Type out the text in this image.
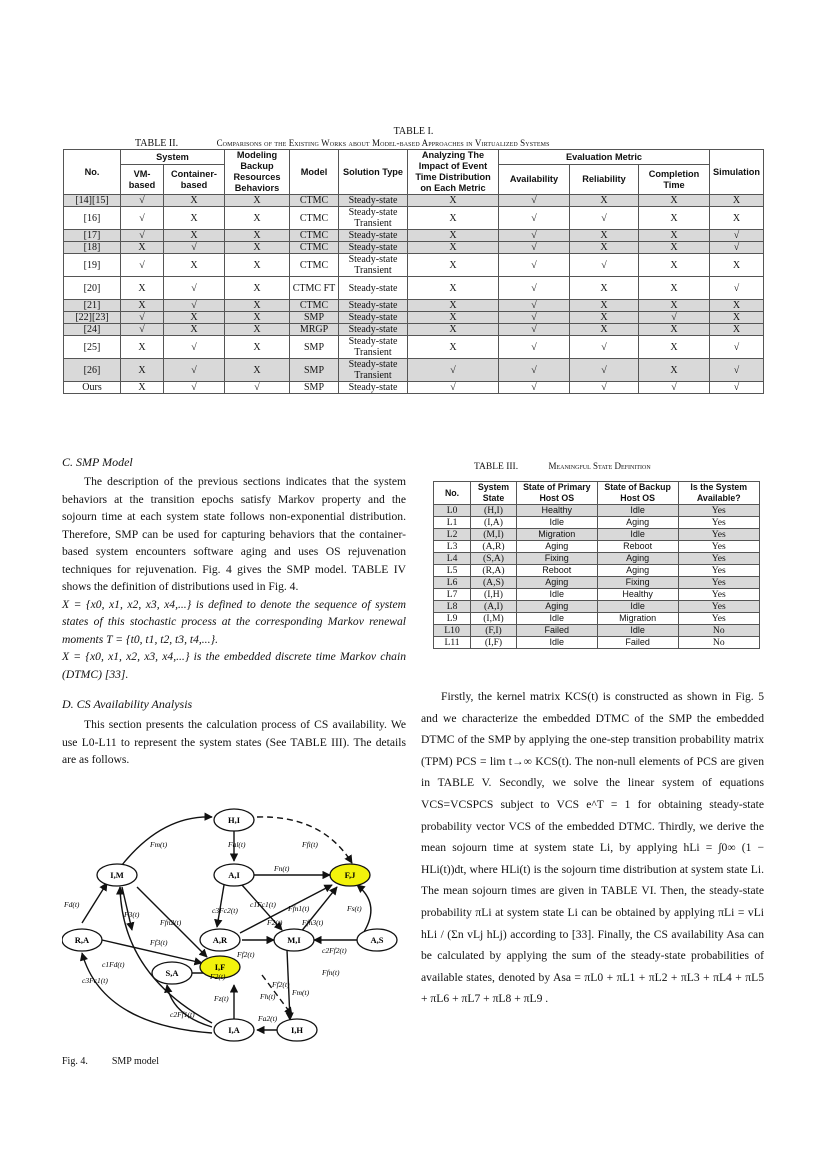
TABLE I.
TABLE II.	Comparisons of the Existing Works about Model-based Approaches in Virtualized Systems
No.	System		Modeling Backup Resources Behaviors	Model	Solution Type	Analyzing The Impact of Event Time Distribution on Each Metric	Evaluation Metric			Simulation
	VM-based	Container-based					Availability	Reliability	Completion Time	
[14][15]	√	X	X	CTMC	Steady-state	X	√	X	X	X
[16]	√	X	X	CTMC	Steady-state Transient	X	√	√	X	X
[17]	√	X	X	CTMC	Steady-state	X	√	X	X	√
[18]	X	√	X	CTMC	Steady-state	X	√	X	X	√
[19]	√	X	X	CTMC	Steady-state Transient	X	√	√	X	X
[20]	X	√	X	CTMC FT	Steady-state	X	√	X	X	√
[21]	X	√	X	CTMC	Steady-state	X	√	X	X	X
[22][23]	√	X	X	SMP	Steady-state	X	√	X	√	X
[24]	√	X	X	MRGP	Steady-state	X	√	X	X	X
[25]	X	√	X	SMP	Steady-state Transient	X	√	√	X	√
[26]	X	√	X	SMP	Steady-state Transient	√	√	√	X	√
Ours	X	√	√	SMP	Steady-state	√	√	√	√	√
C. SMP Model

The description of the previous sections indicates that the system behaviors at the transition epochs satisfy Markov property and the sojourn time at each system state follows non-exponential distribution. Therefore, SMP can be used for capturing behaviors that the container-based system encounters software aging and uses OS rejuvenation techniques for rejuvenation. Fig. 4 gives the SMP model. TABLE IV shows the definition of distributions used in Fig. 4.

X = {x0, x1, x2, x3, x4,...} is defined to denote the sequence of system states of this stochastic process at the corresponding Markov renewal moments T = {t0, t1, t2, t3, t4,...}.

X = {x0, x1, x2, x3, x4,...} is the embedded discrete time Markov chain (DTMC) [33].

D. CS Availability Analysis

This section presents the calculation process of CS availability. We use L0-L11 to represent the system states (See TABLE III). The details are as follows.

TABLE III.	Meaningful State Definition
No.	System State	State of Primary Host OS	State of Backup Host OS	Is the System Available?
L0	(H,I)	Healthy	Idle	Yes
L1	(I,A)	Idle	Aging	Yes
L2	(M,I)	Migration	Idle	Yes
L3	(A,R)	Aging	Reboot	Yes
L4	(S,A)	Fixing	Aging	Yes
L5	(R,A)	Reboot	Aging	Yes
L6	(A,S)	Aging	Fixing	Yes
L7	(I,H)	Idle	Healthy	Yes
L8	(A,I)	Aging	Idle	Yes
L9	(I,M)	Idle	Migration	Yes
L10	(F,I)	Failed	Idle	No
L11	(I,F)	Idle	Failed	No

Firstly, the kernel matrix KCS(t) is constructed as shown in Fig. 5 and we characterize the embedded DTMC of the SMP the embedded DTMC of the SMP by applying the one-step transition probability matrix (TPM) PCS = lim t→∞ KCS(t). The non-null elements of PCS are given in TABLE V. Secondly, we solve the linear system of equations VCS=VCSPCS subject to VCS e^T = 1 for obtaining steady-state probability vector VCS of the embedded DTMC. Thirdly, we derive the mean sojourn time at system state Li, by applying hLi = ∫0∞ (1 − HLi(t))dt, where HLi(t) is the sojourn time distribution at system state Li. The mean sojourn times are given in TABLE VI. Then, the steady-state probability πLi at system state Li can be obtained by applying πLi = vLi hLi / (Σn vLj hLj) according to [33]. Finally, the CS availability Asa can be calculated by applying the sum of the steady-state probabilities of available states, denoted by Asa = πL0 + πL1 + πL2 + πL3 + πL4 + πL5 + πL6 + πL7 + πL8 + πL9 .

H,I
I,M	A,I	F,J
R,A	A,R	M,I	A,S
S,A
I,F
I,A	I,H
Fm(t)	Fal(t)	Ffi(t)
Fn(t)
Fd(t)
F3(t)
Ffn2(t)
c3Fc2(t)
c1Fc1(t) Ffn1(t)
Ffn3(t)
Fs(t)
Ff3(t)
Ff2(t)	c2Ff2(t)
F2(t)
F2(t)
c1Fd(t)
c3Fc1(t)	Ff2(t)
Ffn(t)
Fm(t)
Fh(t)
c2Ff1(t)
Fz(t)
Fa2(t)
Fig. 4. SMP model
